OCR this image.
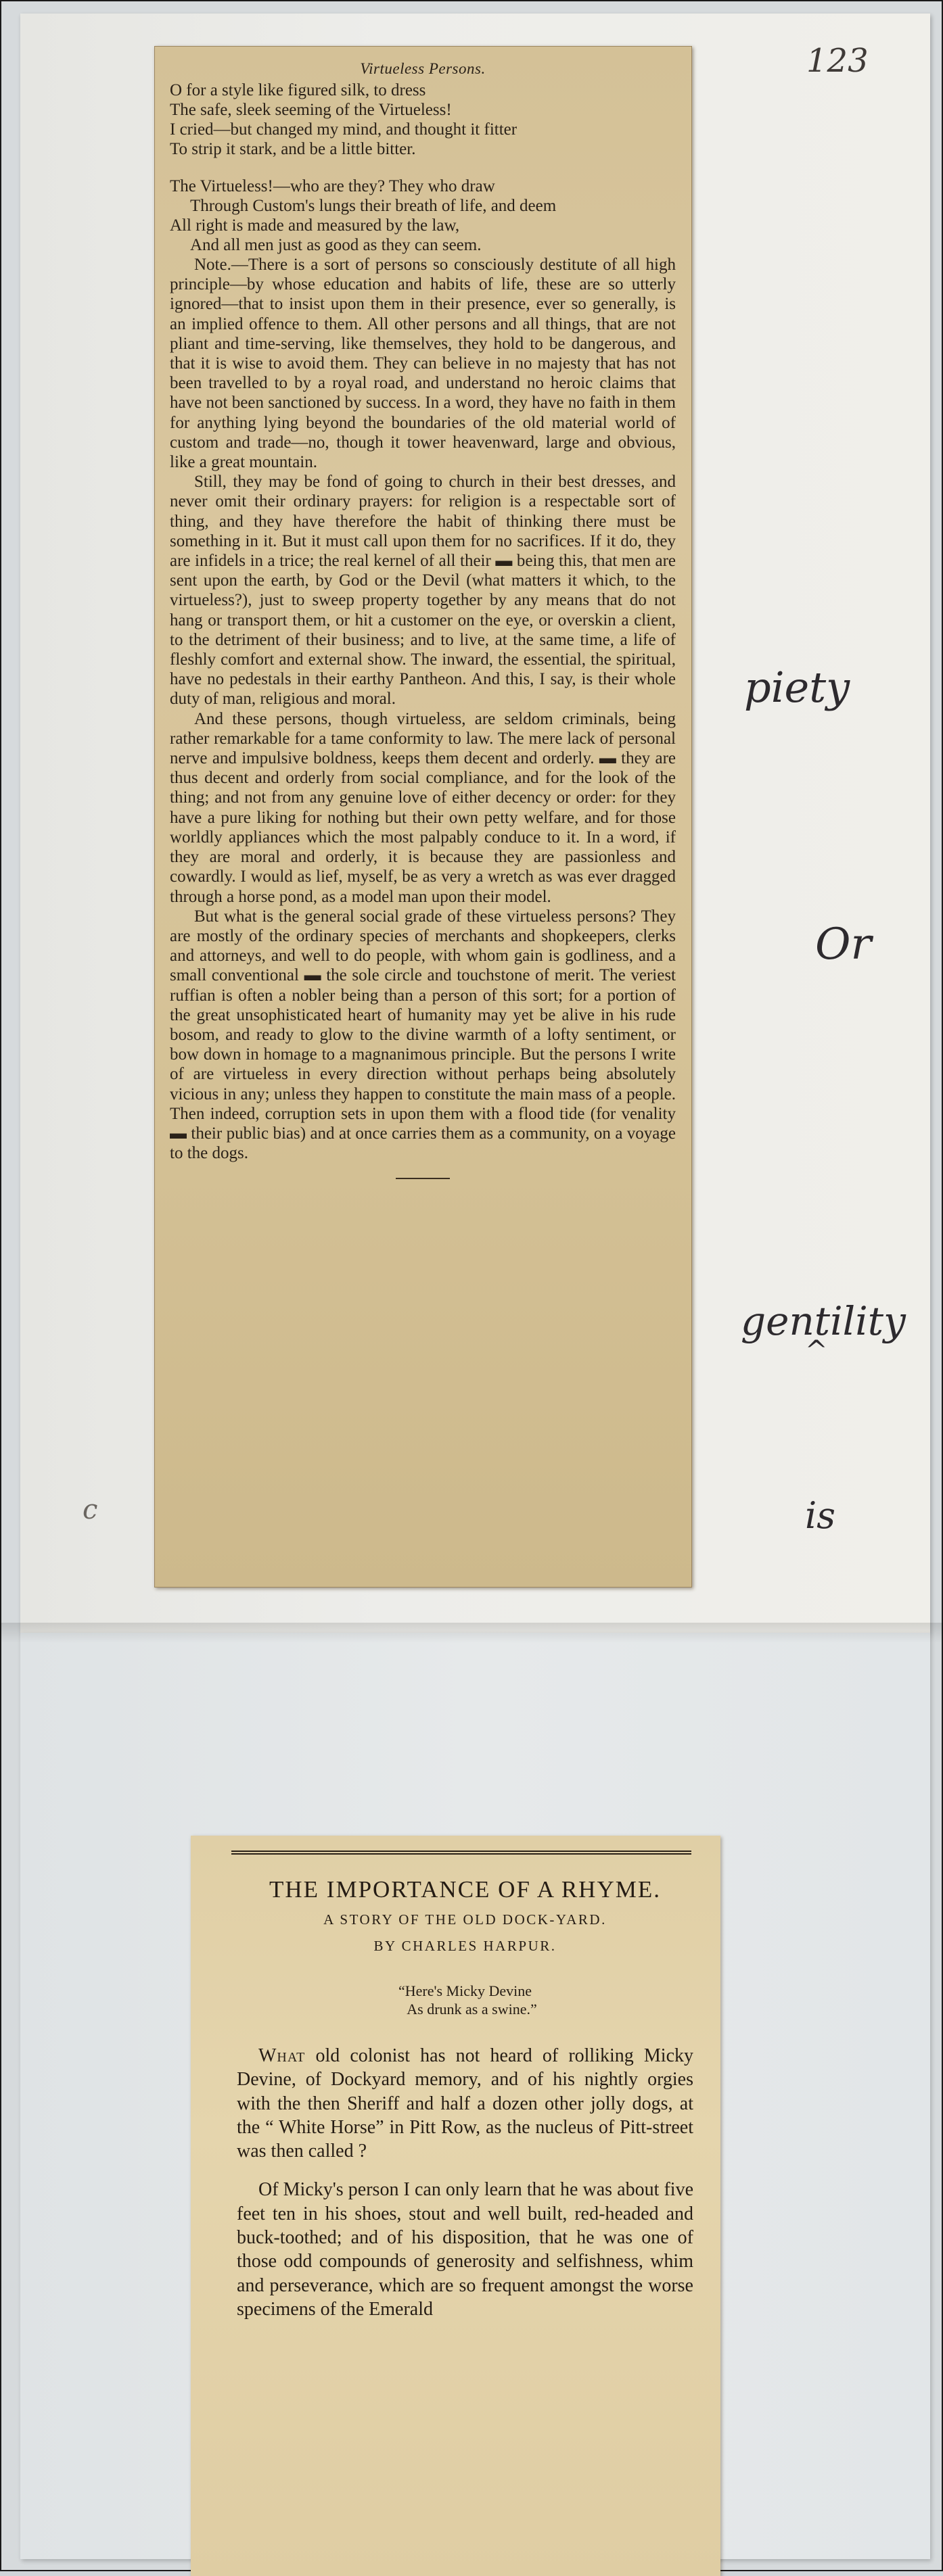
123
Virtueless Persons.

O for a style like figured silk, to dress

The safe, sleek seeming of the Virtueless!

I cried—but changed my mind, and thought it fitter

To strip it stark, and be a little bitter.

The Virtueless!—who are they? They who draw

Through Custom's lungs their breath of life, and deem

All right is made and measured by the law,

And all men just as good as they can seem.

Note.—There is a sort of persons so consciously destitute of all high principle—by whose education and habits of life, these are so utterly ignored—that to insist upon them in their presence, ever so generally, is an implied offence to them. All other persons and all things, that are not pliant and time-serving, like themselves, they hold to be dangerous, and that it is wise to avoid them. They can believe in no majesty that has not been travelled to by a royal road, and understand no heroic claims that have not been sanctioned by success. In a word, they have no faith in them for anything lying beyond the boundaries of the old material world of custom and trade—no, though it tower heavenward, large and obvious, like a great mountain.

Still, they may be fond of going to church in their best dresses, and never omit their ordinary prayers: for religion is a respectable sort of thing, and they have therefore the habit of thinking there must be something in it. But it must call upon them for no sacrifices. If it do, they are infidels in a trice; the real kernel of all their ▬ being this, that men are sent upon the earth, by God or the Devil (what matters it which, to the virtueless?), just to sweep property together by any means that do not hang or transport them, or hit a customer on the eye, or overskin a client, to the detriment of their business; and to live, at the same time, a life of fleshly comfort and external show. The inward, the essential, the spiritual, have no pedestals in their earthy Pantheon. And this, I say, is their whole duty of man, religious and moral.

And these persons, though virtueless, are seldom criminals, being rather remarkable for a tame conformity to law. The mere lack of personal nerve and impulsive boldness, keeps them decent and orderly. ▬ they are thus decent and orderly from social compliance, and for the look of the thing; and not from any genuine love of either decency or order: for they have a pure liking for nothing but their own petty welfare, and for those worldly appliances which the most palpably conduce to it. In a word, if they are moral and orderly, it is because they are passionless and cowardly. I would as lief, myself, be as very a wretch as was ever dragged through a horse pond, as a model man upon their model.

But what is the general social grade of these virtueless persons? They are mostly of the ordinary species of merchants and shopkeepers, clerks and attorneys, and well to do people, with whom gain is godliness, and a small conventional ▬ the sole circle and touchstone of merit. The veriest ruffian is often a nobler being than a person of this sort; for a portion of the great unsophisticated heart of humanity may yet be alive in his rude bosom, and ready to glow to the divine warmth of a lofty sentiment, or bow down in homage to a magnanimous principle. But the persons I write of are virtueless in every direction without perhaps being absolutely vicious in any; unless they happen to constitute the main mass of a people. Then indeed, corruption sets in upon them with a flood tide (for venality ▬ their public bias) and at once carries them as a community, on a voyage to the dogs.

piety
Or
gentility
^
is
c
THE IMPORTANCE OF A RHYME.
A STORY OF THE OLD DOCK-YARD.
BY CHARLES HARPUR.

“Here's Micky Devine

As drunk as a swine.”

What old colonist has not heard of rolliking Micky Devine, of Dockyard memory, and of his nightly orgies with the then Sheriff and half a dozen other jolly dogs, at the “ White Horse” in Pitt Row, as the nucleus of Pitt-street was then called ?

Of Micky's person I can only learn that he was about five feet ten in his shoes, stout and well built, red-headed and buck-toothed; and of his disposition, that he was one of those odd compounds of generosity and selfishness, whim and perseverance, which are so frequent amongst the worse specimens of the Emerald
